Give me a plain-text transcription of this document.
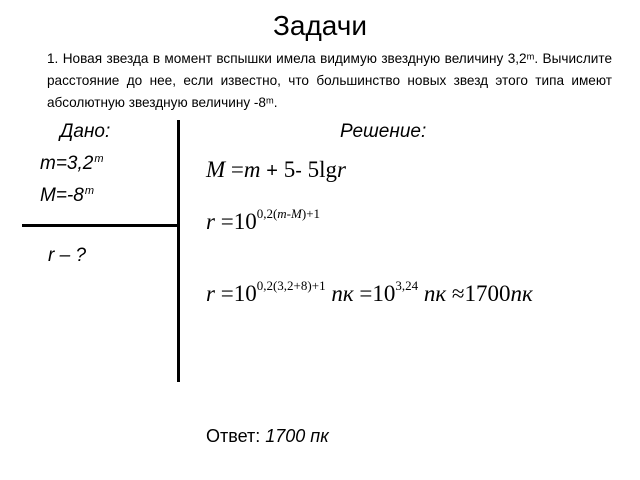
Задачи
1. Новая звезда в момент вспышки имела видимую звездную величину 3,2ᵐ. Вычислите расстояние до нее, если известно, что большинство новых звезд этого типа имеют абсолютную звездную величину -8ᵐ.
Дано:
$m=3,2^m$
$M=-8^m$
r – ?
Решение:
M =m + 5- 5lgr
$r =10^{0,2(m-M)+1}$
$r =10^{0,2(3,2+8)+1}$ пк $=10^{3,24}$ пк ≈1700пк
Ответ: 1700 пк
